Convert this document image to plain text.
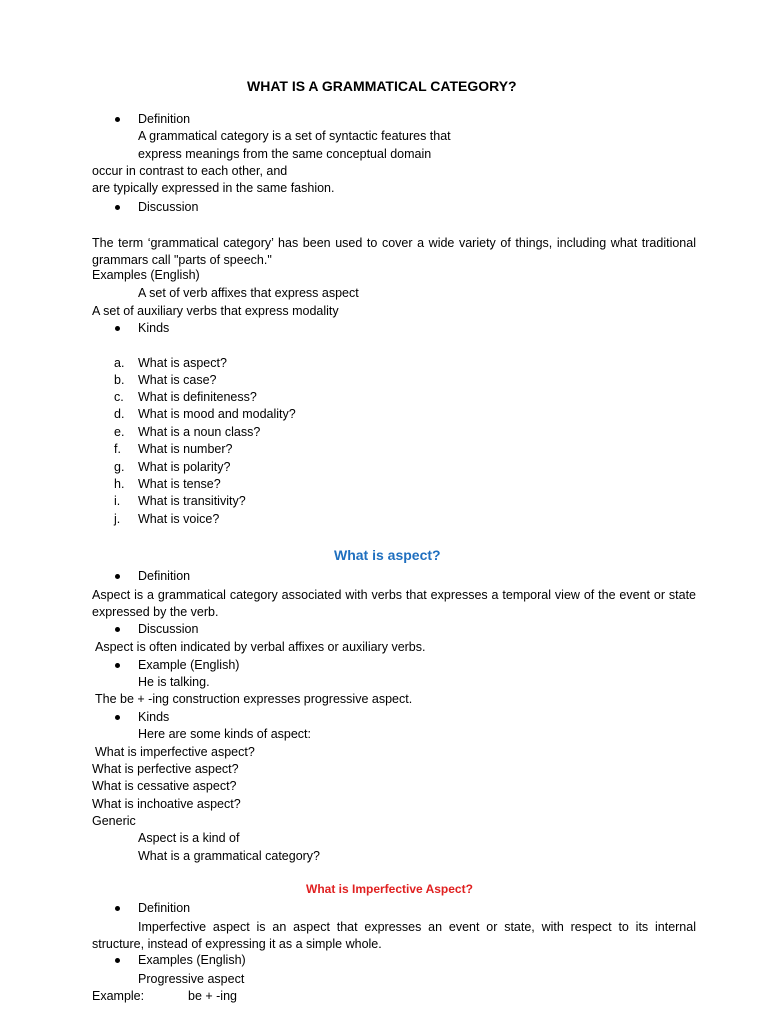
WHAT IS A GRAMMATICAL CATEGORY?
Definition
A grammatical category is a set of syntactic features that
express meanings from the same conceptual domain
occur in contrast to each other, and
are typically expressed in the same fashion.
Discussion
The term ‘grammatical category’ has been used to cover a wide variety of things, including what traditional grammars call "parts of speech."
Examples (English)
A set of verb affixes that express aspect
A set of auxiliary verbs that express modality
Kinds
a. What is aspect?
b. What is case?
c. What is definiteness?
d. What is mood and modality?
e. What is a noun class?
f. What is number?
g. What is polarity?
h. What is tense?
i. What is transitivity?
j. What is voice?
What is aspect?
Definition
Aspect is a grammatical category associated with verbs that expresses a temporal view of the event or state expressed by the verb.
Discussion
Aspect is often indicated by verbal affixes or auxiliary verbs.
Example (English)
He is talking.
The be + -ing construction expresses progressive aspect.
Kinds
Here are some kinds of aspect:
What is imperfective aspect?
What is perfective aspect?
What is cessative aspect?
What is inchoative aspect?
Generic
Aspect is a kind of
What is a grammatical category?
What is Imperfective Aspect?
Definition
Imperfective aspect is an aspect that expresses an event or state, with respect to its internal structure, instead of expressing it as a simple whole.
Examples (English)
Progressive aspect
Example:	be + -ing
